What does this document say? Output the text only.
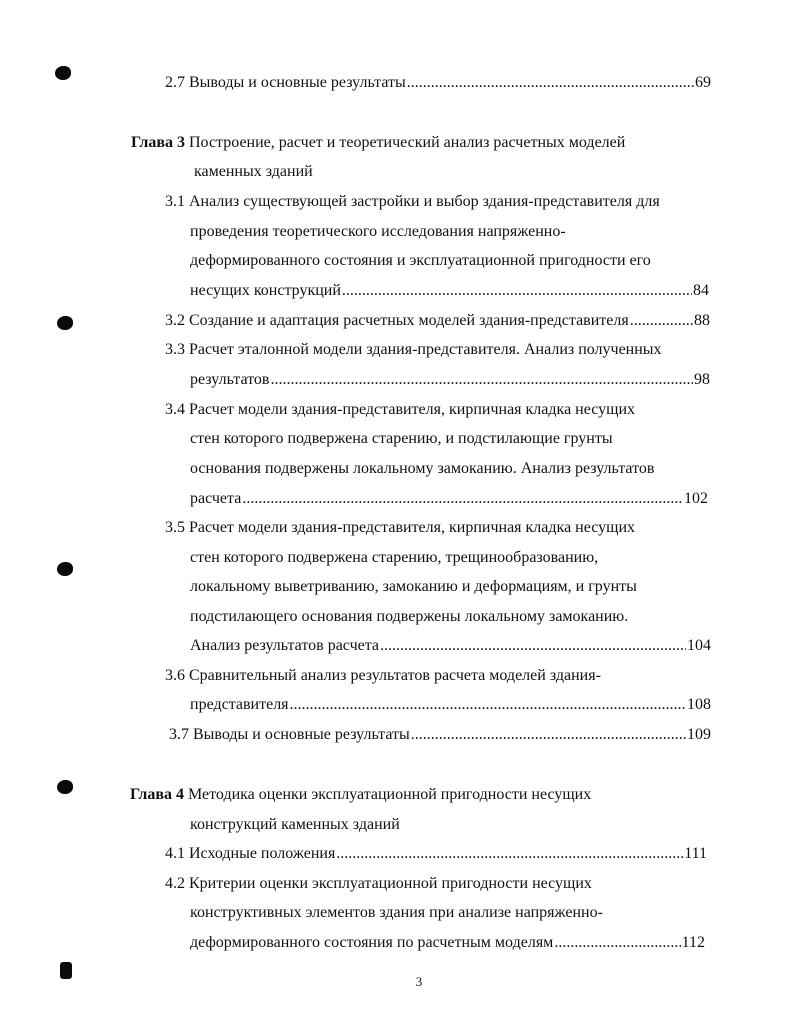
2.7 Выводы и основные результаты .....	69
Глава 3 Построение, расчет и теоретический анализ расчетных моделей
каменных зданий
3.1 Анализ существующей застройки и выбор здания-представителя для
проведения теоретического исследования напряженно-
деформированного состояния и эксплуатационной пригодности его
несущих конструкций .....	84
3.2 Создание и адаптация расчетных моделей здания-представителя .....	88
3.3 Расчет эталонной модели здания-представителя. Анализ полученных
результатов .....	98
3.4 Расчет модели здания-представителя, кирпичная кладка несущих
стен которого подвержена старению, и подстилающие грунты
основания подвержены локальному замоканию. Анализ результатов
расчета .....	102
3.5 Расчет модели здания-представителя, кирпичная кладка несущих
стен которого подвержена старению, трещинообразованию,
локальному выветриванию, замоканию и деформациям, и грунты
подстилающего основания подвержены локальному замоканию.
Анализ результатов расчета .....	104
3.6 Сравнительный анализ результатов расчета моделей здания-
представителя .....	108
3.7 Выводы и основные результаты .....	109
Глава 4 Методика оценки эксплуатационной пригодности несущих
конструкций каменных зданий
4.1 Исходные положения .....	111
4.2 Критерии оценки эксплуатационной пригодности несущих
конструктивных элементов здания при анализе напряженно-
деформированного состояния по расчетным моделям .....	112
3
